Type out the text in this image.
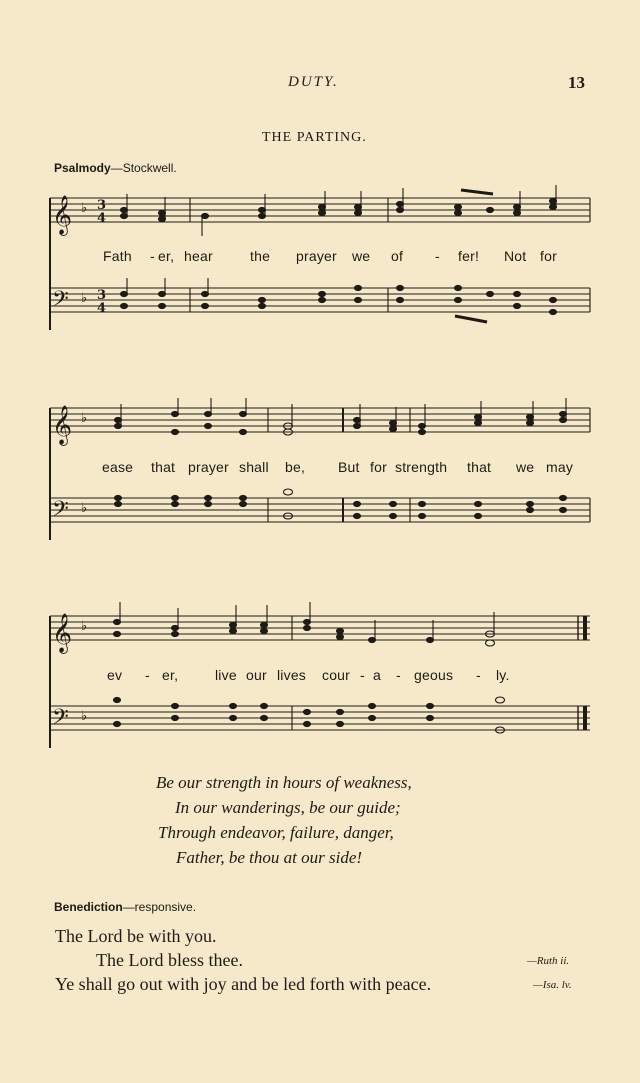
DUTY.	13
THE PARTING.
Psalmody—Stockwell.
𝄞
𝄢
♭
♭
3
4
3
4
Fath - er, hear	the prayer we of - fer! Not for
𝄞
𝄢
♭
♭
ease that prayer shall be, But for strength that we may
𝄞
𝄢
♭
♭
ev - er,	live our lives cour - a - geous - ly.
Be our strength in hours of weakness,
In our wanderings, be our guide;
Through endeavor, failure, danger,
Father, be thou at our side!
Benediction—responsive.
The Lord be with you.
The Lord bless thee.	—Ruth ii.
Ye shall go out with joy and be led forth with peace.	—Isa. lv.
